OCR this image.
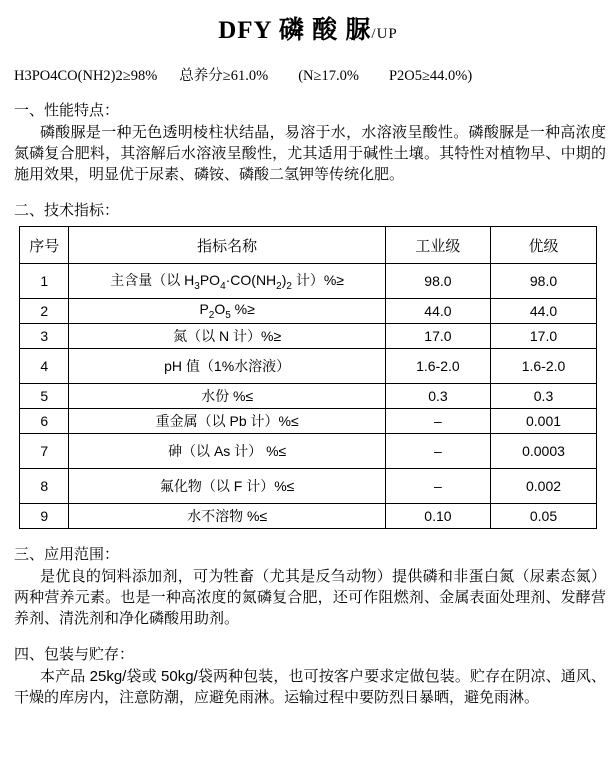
DFY 磷 酸 脲/UP
H3PO4CO(NH2)2≥98% 总养分≥61.0% (N≥17.0% P2O5≥44.0%)
一、性能特点：
磷酸脲是一种无色透明棱柱状结晶，易溶于水，水溶液呈酸性。磷酸脲是一种高浓度氮磷复合肥料，其溶解后水溶液呈酸性，尤其适用于碱性土壤。其特性对植物早、中期的施用效果，明显优于尿素、磷铵、磷酸二氢钾等传统化肥。
二、技术指标：
序号	指标名称	工业级	优级
1	主含量（以 $H_3PO_4\cdot CO(NH_2)_2$ 计）%≥	98.0	98.0
2	$P_2O_5$ %≥	44.0	44.0
3	氮（以 N 计）%≥	17.0	17.0
4	pH 值（1%水溶液）	1.6-2.0	1.6-2.0
5	水份 %≤	0.3	0.3
6	重金属（以 Pb 计）%≤	–	0.001
7	砷（以 As 计） %≤	–	0.0003
8	氟化物（以 F 计）%≤	–	0.002
9	水不溶物 %≤	0.10	0.05
三、应用范围：
是优良的饲料添加剂，可为牲畜（尤其是反刍动物）提供磷和非蛋白氮（尿素态氮）两种营养元素。也是一种高浓度的氮磷复合肥，还可作阻燃剂、金属表面处理剂、发酵营养剂、清洗剂和净化磷酸用助剂。
四、包装与贮存：
本产品 25kg/袋或 50kg/袋两种包装，也可按客户要求定做包装。贮存在阴凉、通风、干燥的库房内，注意防潮，应避免雨淋。运输过程中要防烈日暴晒，避免雨淋。
